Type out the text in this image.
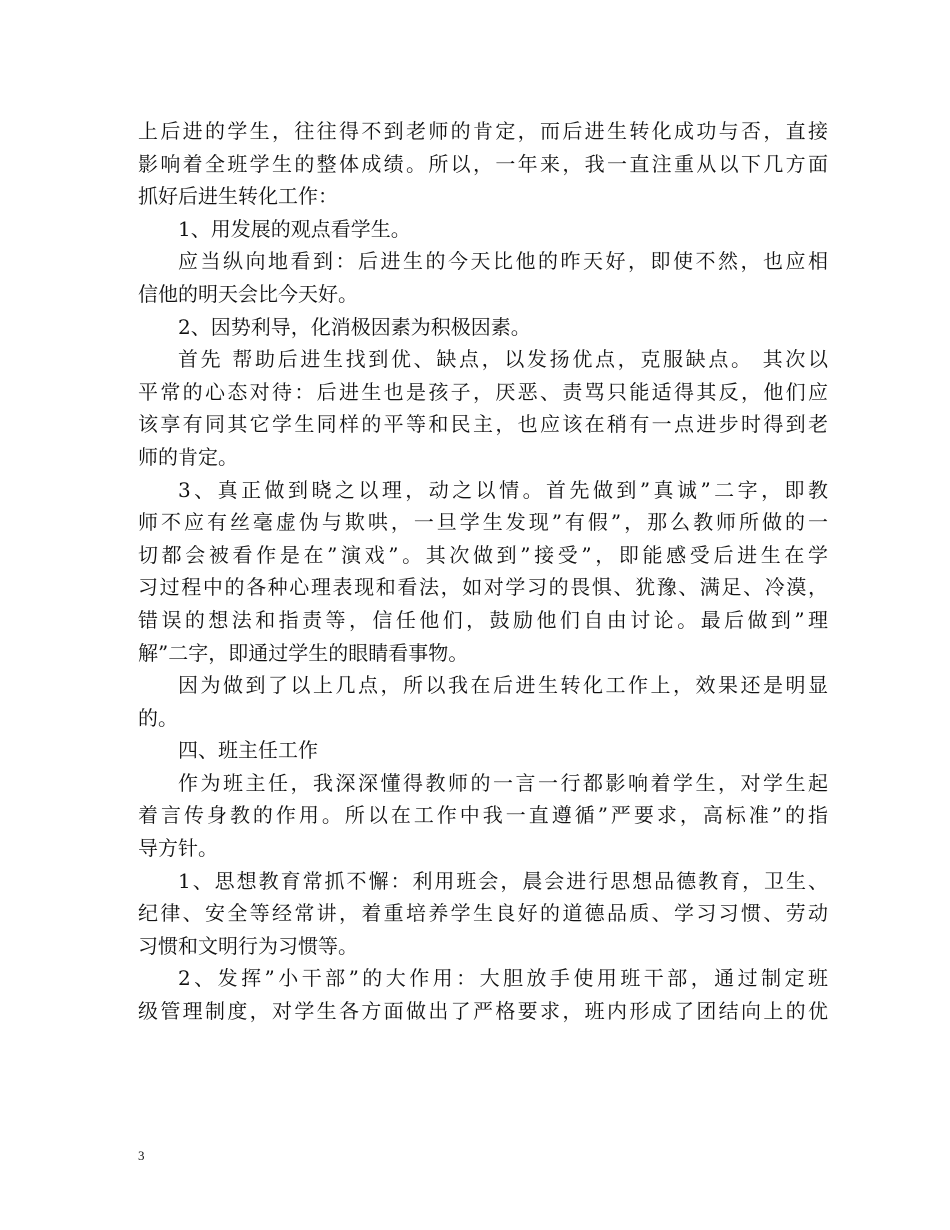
上后进的学生，往往得不到老师的肯定，而后进生转化成功与否，直接
影响着全班学生的整体成绩。所以，一年来，我一直注重从以下几方面
抓好后进生转化工作：
1、用发展的观点看学生。
应当纵向地看到：后进生的今天比他的昨天好，即使不然，也应相
信他的明天会比今天好。
2、因势利导，化消极因素为积极因素。
首先 帮助后进生找到优、缺点，以发扬优点，克服缺点。 其次以
平常的心态对待：后进生也是孩子，厌恶、责骂只能适得其反，他们应
该享有同其它学生同样的平等和民主，也应该在稍有一点进步时得到老
师的肯定。
3、真正做到晓之以理，动之以情。首先做到”真诚”二字，即教
师不应有丝毫虚伪与欺哄，一旦学生发现”有假”，那么教师所做的一
切都会被看作是在”演戏”。其次做到”接受”，即能感受后进生在学
习过程中的各种心理表现和看法，如对学习的畏惧、犹豫、满足、冷漠，
错误的想法和指责等，信任他们，鼓励他们自由讨论。最后做到”理
解”二字，即通过学生的眼睛看事物。
因为做到了以上几点，所以我在后进生转化工作上，效果还是明显
的。
四、班主任工作
作为班主任，我深深懂得教师的一言一行都影响着学生，对学生起
着言传身教的作用。所以在工作中我一直遵循”严要求，高标准”的指
导方针。
1、思想教育常抓不懈：利用班会，晨会进行思想品德教育，卫生、
纪律、安全等经常讲，着重培养学生良好的道德品质、学习习惯、劳动
习惯和文明行为习惯等。
2、发挥”小干部”的大作用：大胆放手使用班干部，通过制定班
级管理制度，对学生各方面做出了严格要求，班内形成了团结向上的优
3
